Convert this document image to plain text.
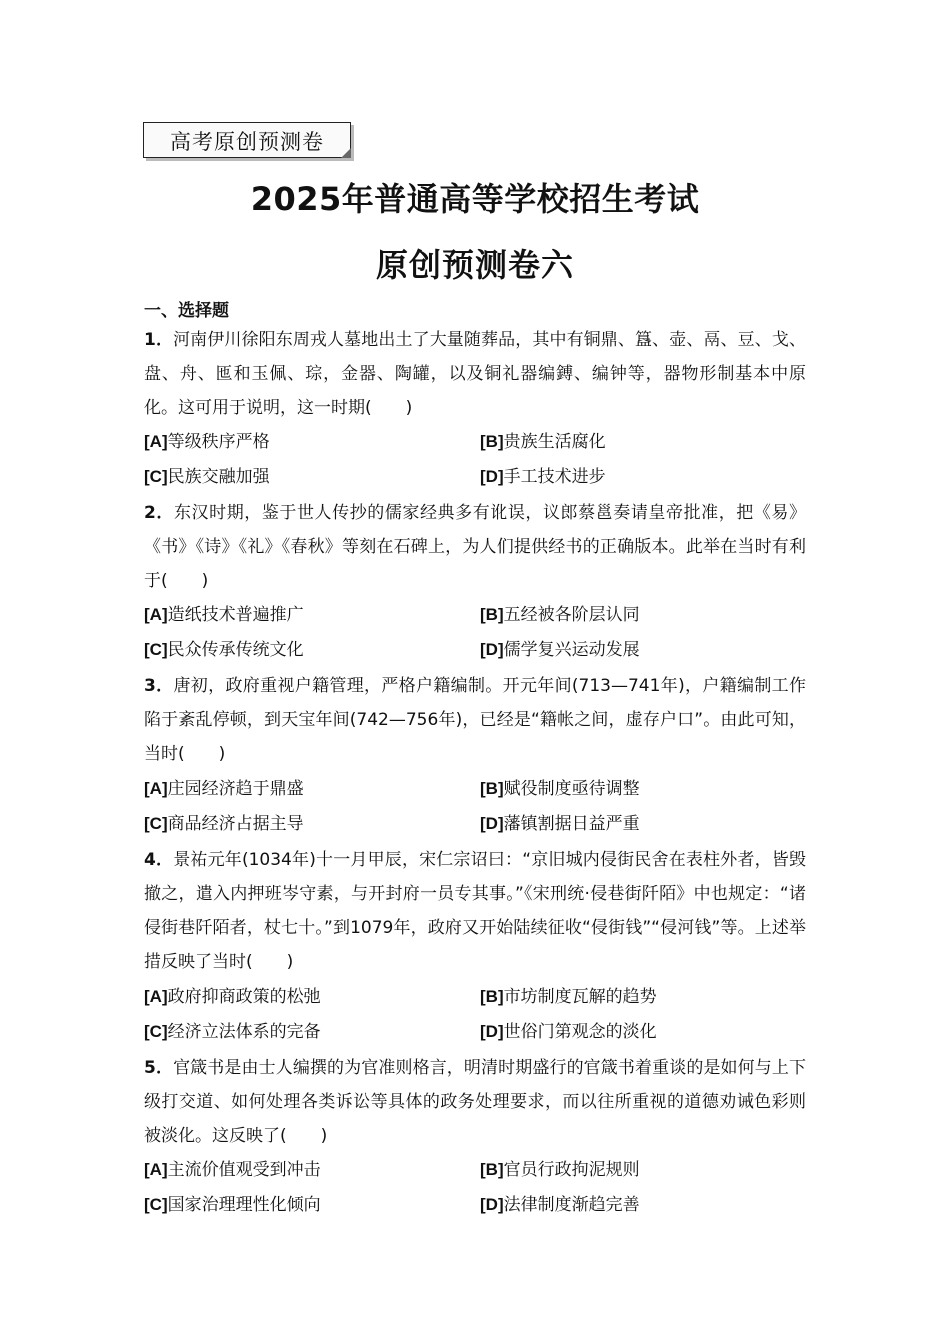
高考原创预测卷
2025年普通高等学校招生考试
原创预测卷六
一、选择题
1．河南伊川徐阳东周戎人墓地出土了大量随葬品，其中有铜鼎、簋、壶、鬲、豆、戈、盘、舟、匜和玉佩、琮，金器、陶罐，以及铜礼器编鎛、编钟等，器物形制基本中原化。这可用于说明，这一时期(　　)
[A]等级秩序严格	[B]贵族生活腐化
[C]民族交融加强	[D]手工技术进步
2．东汉时期，鉴于世人传抄的儒家经典多有讹误，议郎蔡邕奏请皇帝批准，把《易》《书》《诗》《礼》《春秋》等刻在石碑上，为人们提供经书的正确版本。此举在当时有利于(　　)
[A]造纸技术普遍推广	[B]五经被各阶层认同
[C]民众传承传统文化	[D]儒学复兴运动发展
3．唐初，政府重视户籍管理，严格户籍编制。开元年间(713—741年)，户籍编制工作陷于紊乱停顿，到天宝年间(742—756年)，已经是“籍帐之间，虚存户口”。由此可知，当时(　　)
[A]庄园经济趋于鼎盛	[B]赋役制度亟待调整
[C]商品经济占据主导	[D]藩镇割据日益严重
4．景祐元年(1034年)十一月甲辰，宋仁宗诏曰：“京旧城内侵街民舍在表柱外者，皆毁撤之，遣入内押班岑守素，与开封府一员专其事。”《宋刑统·侵巷街阡陌》中也规定：“诸侵街巷阡陌者，杖七十。”到1079年，政府又开始陆续征收“侵街钱”“侵河钱”等。上述举措反映了当时(　　)
[A]政府抑商政策的松弛	[B]市坊制度瓦解的趋势
[C]经济立法体系的完备	[D]世俗门第观念的淡化
5．官箴书是由士人编撰的为官准则格言，明清时期盛行的官箴书着重谈的是如何与上下级打交道、如何处理各类诉讼等具体的政务处理要求，而以往所重视的道德劝诫色彩则被淡化。这反映了(　　)
[A]主流价值观受到冲击	[B]官员行政拘泥规则
[C]国家治理理性化倾向	[D]法律制度渐趋完善
